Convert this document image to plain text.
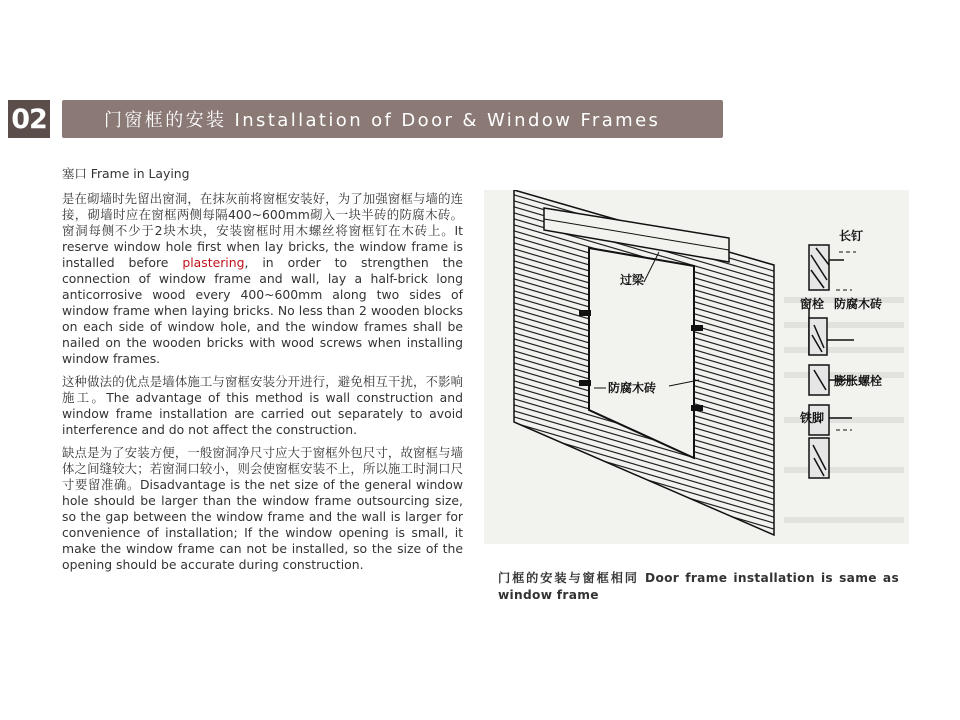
02	门窗框的安装 Installation of Door & Window Frames
塞口 Frame in Laying

是在砌墙时先留出窗洞，在抹灰前将窗框安装好，为了加强窗框与墙的连接，砌墙时应在窗框两侧每隔400~600mm砌入一块半砖的防腐木砖。窗洞每侧不少于2块木块，安装窗框时用木螺丝将窗框钉在木砖上。It reserve window hole first when lay bricks, the window frame is installed before plastering, in order to strengthen the connection of window frame and wall, lay a half-brick long anticorrosive wood every 400~600mm along two sides of window frame when laying bricks. No less than 2 wooden blocks on each side of window hole, and the window frames shall be nailed on the wooden bricks with wood screws when installing window frames.

这种做法的优点是墙体施工与窗框安装分开进行，避免相互干扰，不影响施工。The advantage of this method is wall construction and window frame installation are carried out separately to avoid interference and do not affect the construction.

缺点是为了安装方便，一般窗洞净尺寸应大于窗框外包尺寸，故窗框与墙体之间缝较大；若窗洞口较小，则会使窗框安装不上，所以施工时洞口尺寸要留准确。Disadvantage is the net size of the general window hole should be larger than the window frame outsourcing size, so the gap between the window frame and the wall is larger for convenience of installation; If the window opening is small, it make the window frame can not be installed, so the size of the opening should be accurate during construction.

过梁
防腐木砖
长钉
窗栓 防腐木砖
膨胀螺栓
铁脚
门框的安装与窗框相同 Door frame installation is same as window frame
